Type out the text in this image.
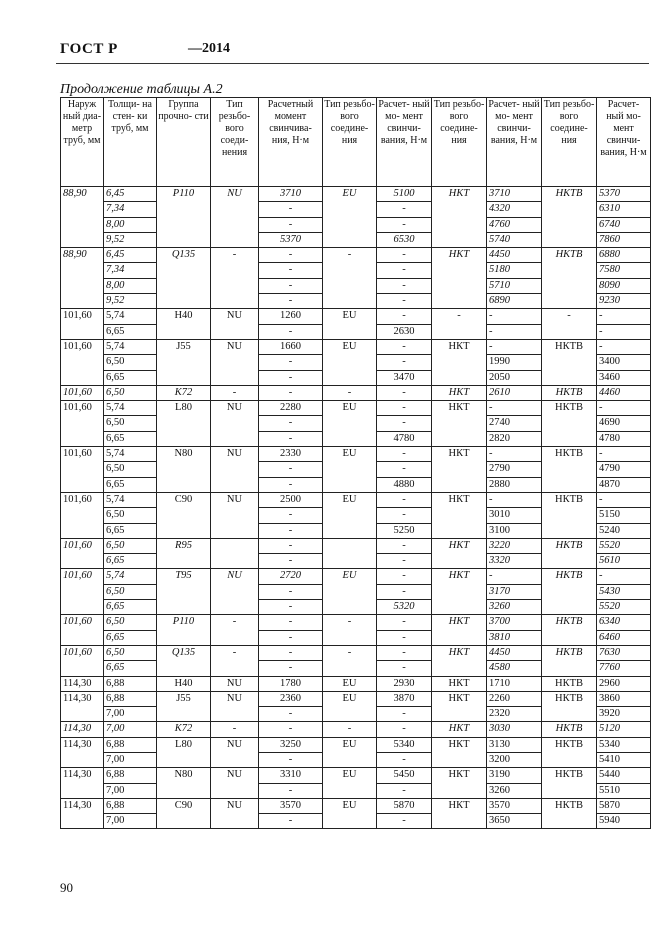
ГОСТ Р	—2014
Продолжение таблицы А.2
Наруж ный диа- метр труб, мм	Толщи- на стен- ки труб, мм	Группа прочно- сти	Тип резьбо- вого соеди- нения	Расчетный момент свинчива- ния, Н·м	Тип резьбо- вого соедине- ния	Расчет- ный мо- мент свинчи- вания, Н·м	Тип резьбо- вого соедине- ния	Расчет- ный мо- мент свинчи- вания, Н·м	Тип резьбо- вого соедине- ния	Расчет- ный мо- мент свинчи- вания, Н·м
88,90	6,45	P110	NU	3710	EU	5100	НКТ	3710	НКТВ	5370
	7,34			-		-		4320		6310
	8,00			-		-		4760		6740
	9,52			5370		6530		5740		7860
88,90	6,45	Q135	-	-	-	-	НКТ	4450	НКТВ	6880
	7,34			-		-		5180		7580
	8,00			-		-		5710		8090
	9,52			-		-		6890		9230
101,60	5,74	H40	NU	1260	EU	-	-	-	-	-
	6,65			-		2630		-		-
101,60	5,74	J55	NU	1660	EU	-	НКТ	-	НКТВ	-
	6,50			-		-		1990		3400
	6,65			-		3470		2050		3460
101,60	6,50	K72	-	-	-	-	НКТ	2610	НКТВ	4460
101,60	5,74	L80	NU	2280	EU	-	НКТ	-	НКТВ	-
	6,50			-		-		2740		4690
	6,65			-		4780		2820		4780
101,60	5,74	N80	NU	2330	EU	-	НКТ	-	НКТВ	-
	6,50			-		-		2790		4790
	6,65			-		4880		2880		4870
101,60	5,74	C90	NU	2500	EU	-	НКТ	-	НКТВ	-
	6,50			-		-		3010		5150
	6,65			-		5250		3100		5240
101,60	6,50	R95		-		-	НКТ	3220	НКТВ	5520
	6,65			-		-		3320		5610
101,60	5,74	T95	NU	2720	EU	-	НКТ	-	НКТВ	-
	6,50			-		-		3170		5430
	6,65			-		5320		3260		5520
101,60	6,50	P110	-	-	-	-	НКТ	3700	НКТВ	6340
	6,65			-		-		3810		6460
101,60	6,50	Q135	-	-	-	-	НКТ	4450	НКТВ	7630
	6,65			-		-		4580		7760
114,30	6,88	H40	NU	1780	EU	2930	НКТ	1710	НКТВ	2960
114,30	6,88	J55	NU	2360	EU	3870	НКТ	2260	НКТВ	3860
	7,00			-		-		2320		3920
114,30	7,00	K72	-	-	-	-	НКТ	3030	НКТВ	5120
114,30	6,88	L80	NU	3250	EU	5340	НКТ	3130	НКТВ	5340
	7,00			-		-		3200		5410
114,30	6,88	N80	NU	3310	EU	5450	НКТ	3190	НКТВ	5440
	7,00			-		-		3260		5510
114,30	6,88	C90	NU	3570	EU	5870	НКТ	3570	НКТВ	5870
	7,00			-		-		3650		5940
90
